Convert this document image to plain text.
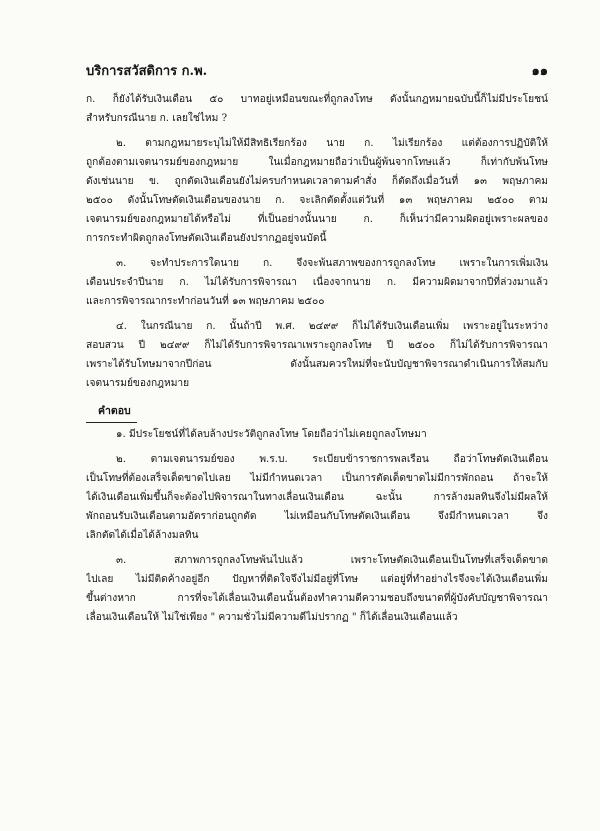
บริการสวัสดิการ ก.พ.	๑๑
ก. ก็ยังได้รับเงินเดือน ๕๐ บาทอยู่เหมือนขณะที่ถูกลงโทษ ดังนั้นกฎหมายฉบับนี้ก็ไม่มีประโยชน์
สำหรับกรณีนาย ก. เลยใช่ไหม ?
๒. ตามกฎหมายระบุไม่ให้มีสิทธิเรียกร้อง นาย ก. ไม่เรียกร้อง แต่ต้องการปฏิบัติให้
ถูกต้องตามเจตนารมย์ของกฎหมาย ในเมื่อกฎหมายถือว่าเป็นผู้พ้นจากโทษแล้ว ก็เท่ากับพ้นโทษ
ดังเช่นนาย ข. ถูกตัดเงินเดือนยังไม่ครบกำหนดเวลาตามคำสั่ง ก็ตัดถึงเมื่อวันที่ ๑๓ พฤษภาคม
๒๕๐๐ ดังนั้นโทษตัดเงินเดือนของนาย ก. จะเลิกตัดตั้งแต่วันที่ ๑๓ พฤษภาคม ๒๕๐๐ ตาม
เจตนารมย์ของกฎหมายได้หรือไม่ ที่เป็นอย่างนั้นนาย ก. ก็เห็นว่ามีความผิดอยู่เพราะผลของ
การกระทำผิดถูกลงโทษตัดเงินเดือนยังปรากฏอยู่จนบัดนี้
๓. จะทำประการใดนาย ก. จึงจะพ้นสภาพของการถูกลงโทษ เพราะในการเพิ่มเงิน
เดือนประจำปีนาย ก. ไม่ได้รับการพิจารณา เนื่องจากนาย ก. มีความผิดมาจากปีที่ล่วงมาแล้ว
และการพิจารณากระทำก่อนวันที่ ๑๓ พฤษภาคม ๒๕๐๐
๔. ในกรณีนาย ก. นั้นถ้าปี พ.ศ. ๒๔๙๙ ก็ไม่ได้รับเงินเดือนเพิ่ม เพราะอยู่ในระหว่าง
สอบสวน ปี ๒๔๙๙ ก็ไม่ได้รับการพิจารณาเพราะถูกลงโทษ ปี ๒๕๐๐ ก็ไม่ได้รับการพิจารณา
เพราะได้รับโทษมาจากปีก่อน ดังนั้นสมควรใหม่ที่จะนับบัญชาพิจารณาดำเนินการให้สมกับ
เจตนารมย์ของกฎหมาย
คำตอบ
๑. มีประโยชน์ที่ได้ลบล้างประวัติถูกลงโทษ โดยถือว่าไม่เคยถูกลงโทษมา
๒. ตามเจตนารมย์ของ พ.ร.บ. ระเบียบข้าราชการพลเรือน ถือว่าโทษตัดเงินเดือน
เป็นโทษที่ต้องเสร็จเด็ดขาดไปเลย ไม่มีกำหนดเวลา เป็นการตัดเด็ดขาดไม่มีการพักถอน ถ้าจะให้
ได้เงินเดือนเพิ่มขึ้นก็จะต้องไปพิจารณาในทางเลื่อนเงินเดือน ฉะนั้น การล้างมลทินจึงไม่มีผลให้
พักถอนรับเงินเดือนตามอัตราก่อนถูกตัด ไม่เหมือนกับโทษตัดเงินเดือน จึงมีกำหนดเวลา จึง
เลิกตัดได้เมื่อได้ล้างมลทิน
๓. สภาพการถูกลงโทษพ้นไปแล้ว เพราะโทษตัดเงินเดือนเป็นโทษที่เสร็จเด็ดขาด
ไปเลย ไม่มีติดค้างอยู่อีก ปัญหาที่ติดใจจึงไม่มีอยู่ที่โทษ แต่อยู่ที่ทำอย่างไรจึงจะได้เงินเดือนเพิ่ม
ขึ้นต่างหาก การที่จะได้เลื่อนเงินเดือนนั้นต้องทำความดีความชอบถึงขนาดที่ผู้บังคับบัญชาพิจารณา
เลื่อนเงินเดือนให้ ไม่ใช่เพียง " ความชั่วไม่มีความดีไม่ปรากฏ " ก็ได้เลื่อนเงินเดือนแล้ว
